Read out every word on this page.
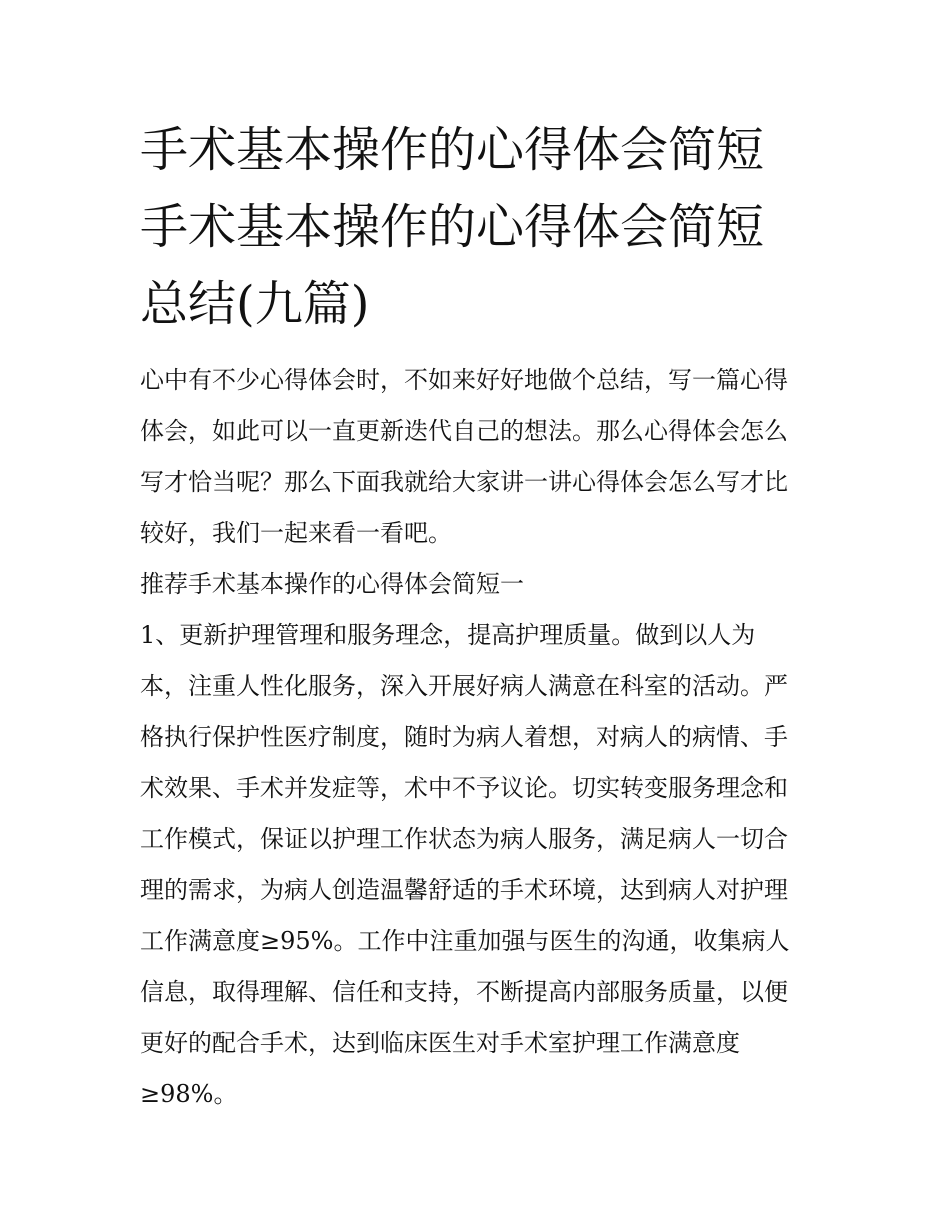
手术基本操作的心得体会简短
手术基本操作的心得体会简短
总结(九篇)
心中有不少心得体会时，不如来好好地做个总结，写一篇心得
体会，如此可以一直更新迭代自己的想法。那么心得体会怎么
写才恰当呢？那么下面我就给大家讲一讲心得体会怎么写才比
较好，我们一起来看一看吧。
推荐手术基本操作的心得体会简短一
1、更新护理管理和服务理念，提高护理质量。做到以人为
本，注重人性化服务，深入开展好病人满意在科室的活动。严
格执行保护性医疗制度，随时为病人着想，对病人的病情、手
术效果、手术并发症等，术中不予议论。切实转变服务理念和
工作模式，保证以护理工作状态为病人服务，满足病人一切合
理的需求，为病人创造温馨舒适的手术环境，达到病人对护理
工作满意度≥95%。工作中注重加强与医生的沟通，收集病人
信息，取得理解、信任和支持，不断提高内部服务质量，以便
更好的配合手术，达到临床医生对手术室护理工作满意度
≥98%。
